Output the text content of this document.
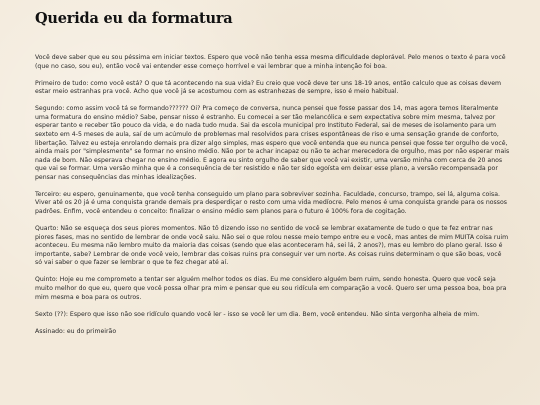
Querida eu da formatura

Você deve saber que eu sou péssima em iniciar textos. Espero que você não tenha essa mesma dificuldade deplorável. Pelo menos o texto é para você (que no caso, sou eu), então você vai entender esse começo horrível e vai lembrar que a minha intenção foi boa.

Primeiro de tudo: como você está? O que tá acontecendo na sua vida? Eu creio que você deve ter uns 18-19 anos, então calculo que as coisas devem estar meio estranhas pra você. Acho que você já se acostumou com as estranhezas de sempre, isso é meio habitual.

Segundo: como assim você tá se formando?????? Oi? Pra começo de conversa, nunca pensei que fosse passar dos 14, mas agora temos literalmente uma formatura do ensino médio? Sabe, pensar nisso é estranho. Eu comecei a ser tão melancólica e sem expectativa sobre mim mesma, talvez por esperar tanto e receber tão pouco da vida, e do nada tudo muda. Sai da escola municipal pro Instituto Federal, sai de meses de isolamento para um sexteto em 4-5 meses de aula, saí de um acúmulo de problemas mal resolvidos para crises espontâneas de riso e uma sensação grande de conforto, libertação. Talvez eu esteja enrolando demais pra dizer algo simples, mas espero que você entenda que eu nunca pensei que fosse ter orgulho de você, ainda mais por "simplesmente" se formar no ensino médio. Não por te achar incapaz ou não te achar merecedora de orgulho, mas por não esperar mais nada de bom. Não esperava chegar no ensino médio. E agora eu sinto orgulho de saber que você vai existir, uma versão minha com cerca de 20 anos que vai se formar. Uma versão minha que é a consequência de ter resistido e não ter sido egoísta em deixar esse plano, a versão recompensada por pensar nas consequências das minhas idealizações.

Terceiro: eu espero, genuinamente, que você tenha conseguido um plano para sobreviver sozinha. Faculdade, concurso, trampo, sei lá, alguma coisa. Viver até os 20 já é uma conquista grande demais pra desperdiçar o resto com uma vida medíocre. Pelo menos é uma conquista grande para os nossos padrões. Enfim, você entendeu o conceito: finalizar o ensino médio sem planos para o futuro é 100% fora de cogitação.

Quarto: Não se esqueça dos seus piores momentos. Não tô dizendo isso no sentido de você se lembrar exatamente de tudo o que te fez entrar nas piores fases, mas no sentido de lembrar de onde você saiu. Não sei o que rolou nesse meio tempo entre eu e você, mas antes de mim MUITA coisa ruim aconteceu. Eu mesma não lembro muito da maioria das coisas (sendo que elas aconteceram há, sei lá, 2 anos?), mas eu lembro do plano geral. Isso é importante, sabe? Lembrar de onde você veio, lembrar das coisas ruins pra conseguir ver um norte. As coisas ruins determinam o que são boas, você só vai saber o que fazer se lembrar o que te fez chegar até aí.

Quinto: Hoje eu me comprometo a tentar ser alguém melhor todos os dias. Eu me considero alguém bem ruim, sendo honesta. Quero que você seja muito melhor do que eu, quero que você possa olhar pra mim e pensar que eu sou ridícula em comparação a você. Quero ser uma pessoa boa, boa pra mim mesma e boa para os outros.

Sexto (??): Espero que isso não soe ridículo quando você ler - isso se você ler um dia. Bem, você entendeu. Não sinta vergonha alheia de mim.

Assinado: eu do primeirão
